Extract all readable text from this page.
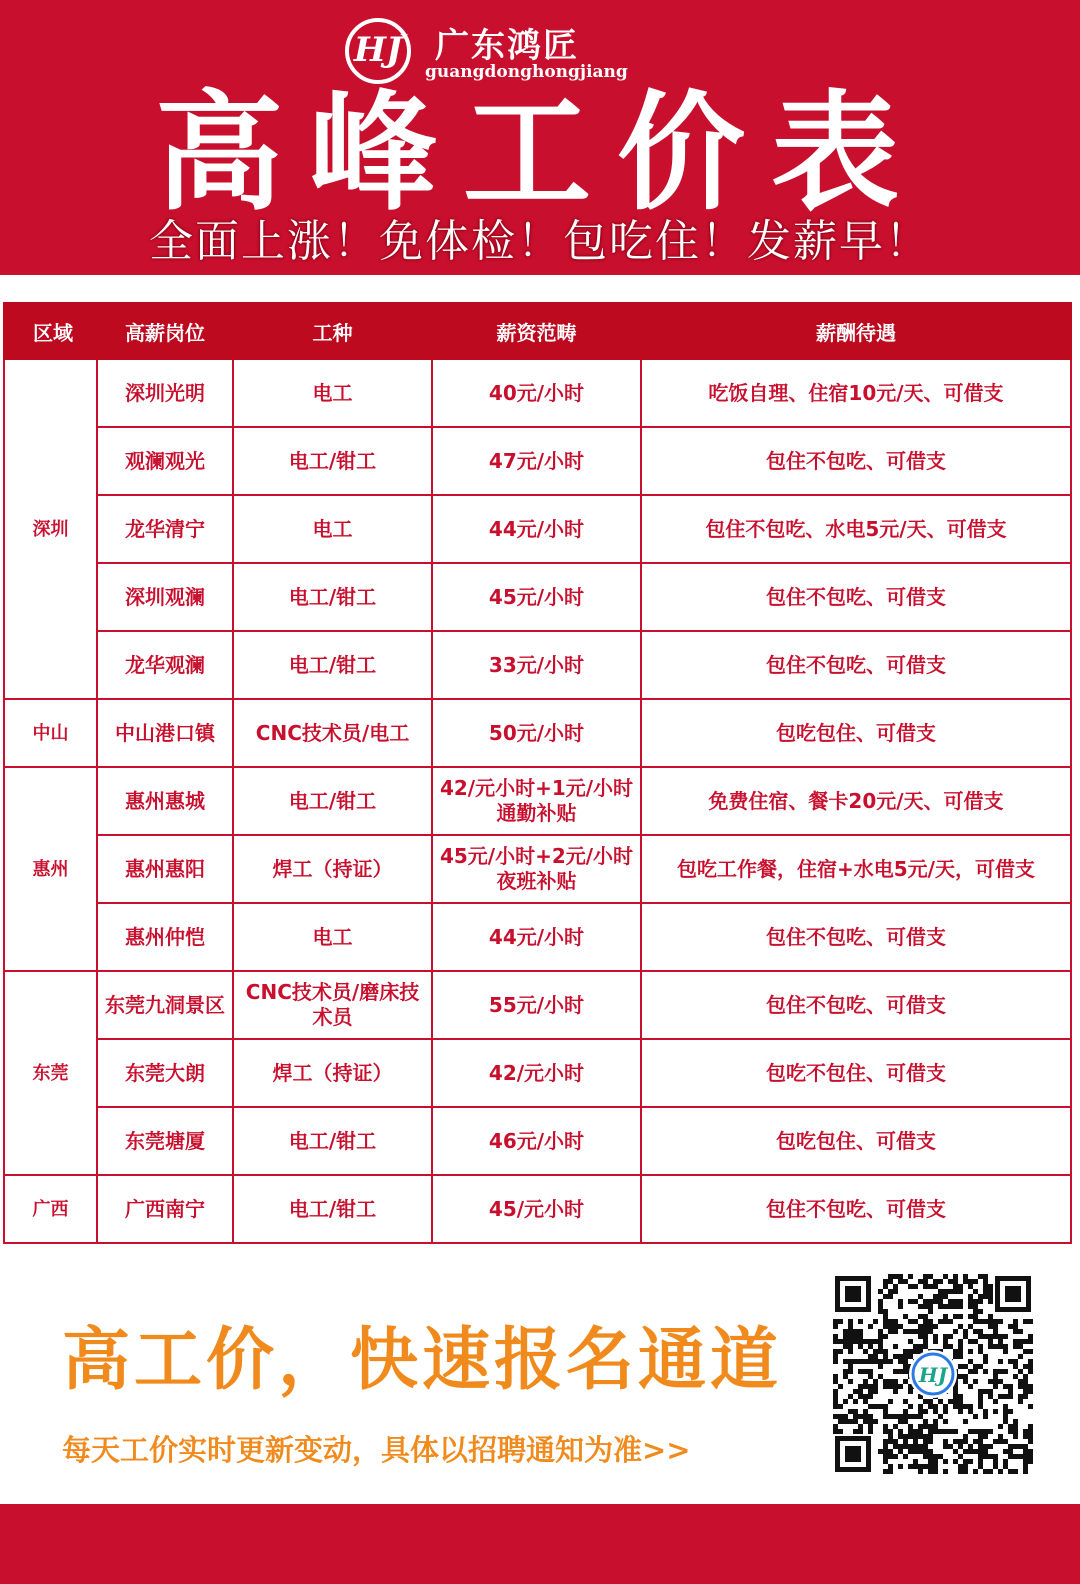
HJ
✦ 广东鸿匠
guangdonghongjiang
高峰工价表
全面上涨！免体检！包吃住！发薪早！
区域	高薪岗位	工种	薪资范畴	薪酬待遇
深圳	深圳光明	电工	40元/小时	吃饭自理、住宿10元/天、可借支
	观澜观光	电工/钳工	47元/小时	包住不包吃、可借支
	龙华清宁	电工	44元/小时	包住不包吃、水电5元/天、可借支
	深圳观澜	电工/钳工	45元/小时	包住不包吃、可借支
	龙华观澜	电工/钳工	33元/小时	包住不包吃、可借支
中山	中山港口镇	CNC技术员/电工	50元/小时	包吃包住、可借支
惠州	惠州惠城	电工/钳工	42/元小时+1元/小时通勤补贴	免费住宿、餐卡20元/天、可借支
	惠州惠阳	焊工（持证）	45元/小时+2元/小时夜班补贴	包吃工作餐，住宿+水电5元/天，可借支
	惠州仲恺	电工	44元/小时	包住不包吃、可借支
东莞	东莞九洞景区	CNC技术员/磨床技术员	55元/小时	包住不包吃、可借支
	东莞大朗	焊工（持证）	42/元小时	包吃不包住、可借支
	东莞塘厦	电工/钳工	46元/小时	包吃包住、可借支
广西	广西南宁	电工/钳工	45/元小时	包住不包吃、可借支
高工价，快速报名通道
每天工价实时更新变动，具体以招聘通知为准>>
HJ
